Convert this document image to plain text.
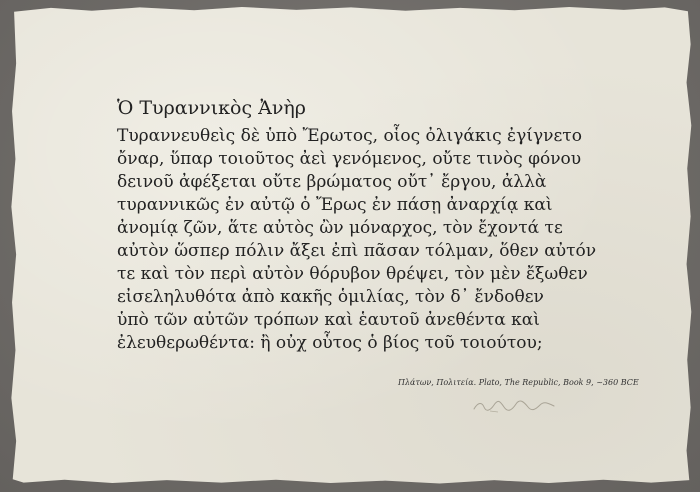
Ὁ Τυραννικὸς Ἀνὴρ
Τυραννευθεὶς δὲ ὑπὸ Ἔρωτος, οἷος ὀλιγάκις ἐγίγνετο
ὄναρ, ὕπαρ τοιοῦτος ἀεὶ γενόμενος, οὔτε τινὸς φόνου
δεινοῦ ἀφέξεται οὔτε βρώματος οὔτ᾽ ἔργου, ἀλλὰ
τυραννικῶς ἐν αὐτῷ ὁ Ἔρως ἐν πάσῃ ἀναρχίᾳ καὶ
ἀνομίᾳ ζῶν, ἅτε αὐτὸς ὢν μόναρχος, τὸν ἔχοντά τε
αὐτὸν ὥσπερ πόλιν ἄξει ἐπὶ πᾶσαν τόλμαν, ὅθεν αὐτόν
τε καὶ τὸν περὶ αὐτὸν θόρυβον θρέψει, τὸν μὲν ἔξωθεν
εἰσεληλυθότα ἀπὸ κακῆς ὁμιλίας, τὸν δ᾽ ἔνδοθεν
ὑπὸ τῶν αὐτῶν τρόπων καὶ ἑαυτοῦ ἀνεθέντα καὶ
ἐλευθερωθέντα: ἢ οὐχ οὗτος ὁ βίος τοῦ τοιούτου;
Πλάτων, Πολιτεία. Plato, The Republic, Book 9, ~360 BCE
